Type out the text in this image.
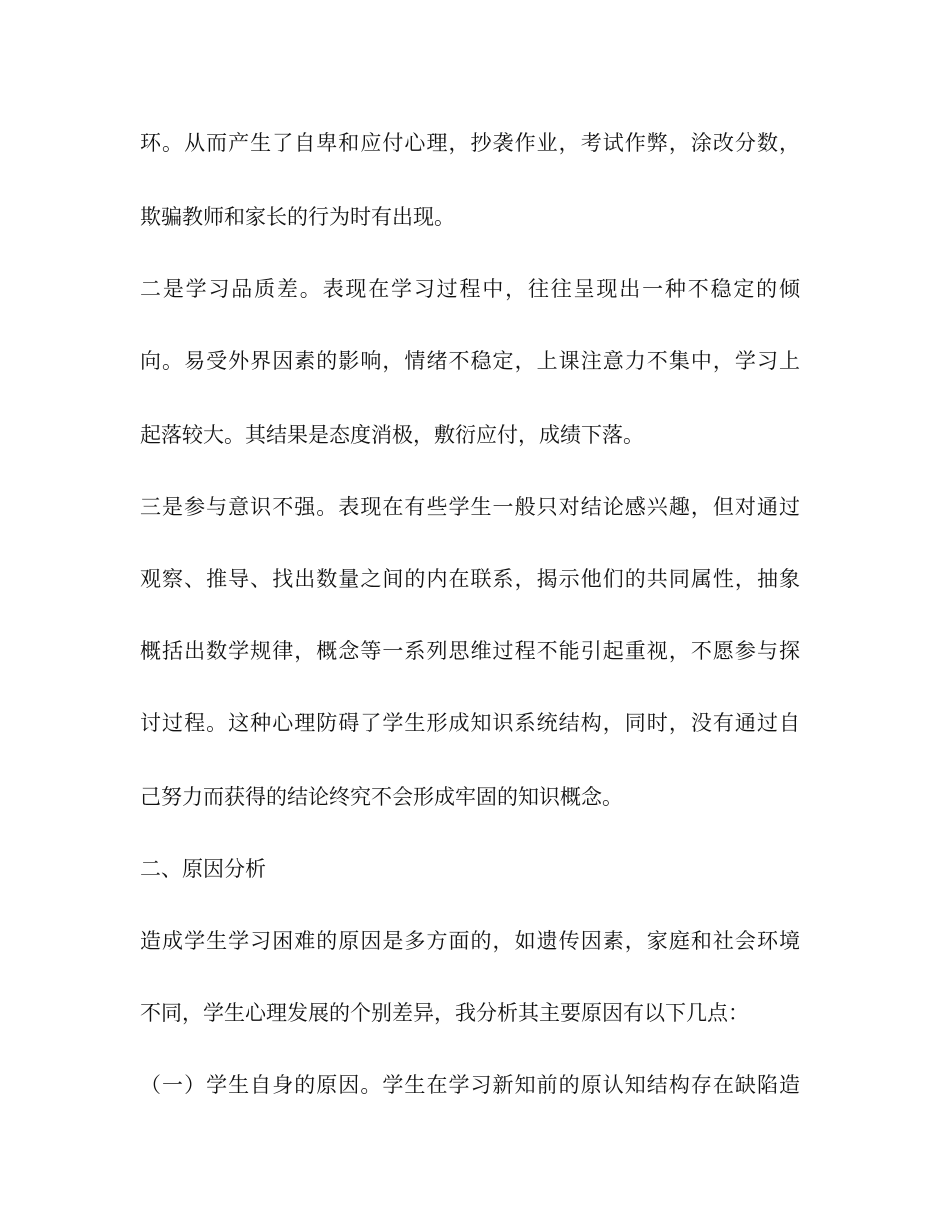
环。从而产生了自卑和应付心理，抄袭作业，考试作弊，涂改分数，
欺骗教师和家长的行为时有出现。
二是学习品质差。表现在学习过程中，往往呈现出一种不稳定的倾
向。易受外界因素的影响，情绪不稳定，上课注意力不集中，学习上
起落较大。其结果是态度消极，敷衍应付，成绩下落。
三是参与意识不强。表现在有些学生一般只对结论感兴趣，但对通过
观察、推导、找出数量之间的内在联系，揭示他们的共同属性，抽象
概括出数学规律，概念等一系列思维过程不能引起重视，不愿参与探
讨过程。这种心理防碍了学生形成知识系统结构，同时，没有通过自
己努力而获得的结论终究不会形成牢固的知识概念。
二、原因分析
造成学生学习困难的原因是多方面的，如遗传因素，家庭和社会环境
不同，学生心理发展的个别差异，我分析其主要原因有以下几点：
（一）学生自身的原因。学生在学习新知前的原认知结构存在缺陷造
